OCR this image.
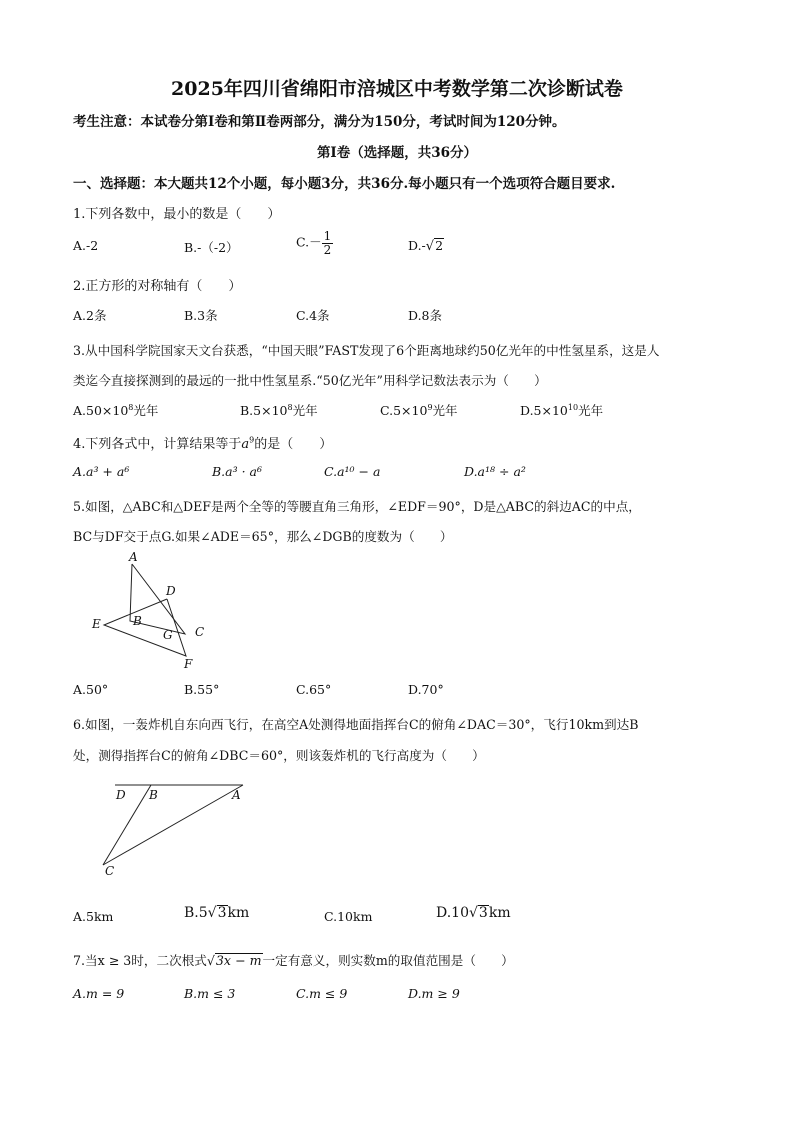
2025年四川省绵阳市涪城区中考数学第二次诊断试卷
考生注意：本试卷分第Ⅰ卷和第Ⅱ卷两部分，满分为150分，考试时间为120分钟。
第Ⅰ卷（选择题，共36分）
一、选择题：本大题共12个小题，每小题3分，共36分.每小题只有一个选项符合题目要求.
1.下列各数中，最小的数是（　　）
A.-2	B.-（-2）	$C.- \frac{1}{2}$	D.-√2
2.正方形的对称轴有（　　）
A.2条	B.3条	C.4条	D.8条
3.从中国科学院国家天文台获悉，“中国天眼”FAST发现了6个距离地球约50亿光年的中性氢星系，这是人
类迄今直接探测到的最远的一批中性氢星系.“50亿光年”用科学记数法表示为（　　）
$A.50\times 10^8$光年	$B.5\times 10^8$光年	$C.5\times 10^9$光年	$D.5\times 10^{10}$光年
4.下列各式中，计算结果等于$a^9$的是（　　）
A.a³ + a⁶	B.a³ · a⁶	C.a¹⁰ − a	D.a¹⁸ ÷ a²
5.如图，△ABC和△DEF是两个全等的等腰直角三角形，∠EDF＝90°，D是△ABC的斜边AC的中点，
BC与DF交于点G.如果∠ADE＝65°，那么∠DGB的度数为（　　）
A
D
E	B
G C
F
A.50°	B.55°	C.65°	D.70°
6.如图，一轰炸机自东向西飞行，在高空A处测得地面指挥台C的俯角∠DAC＝30°，飞行10km到达B
处，测得指挥台C的俯角∠DBC＝60°，则该轰炸机的飞行高度为（　　）
D B	A
C
A.5km	B.5√3km	C.10km	D.10√3km
7.当x ≥ 3时，二次根式√3x − m一定有意义，则实数m的取值范围是（　　）
A.m = 9	B.m ≤ 3	C.m ≤ 9	D.m ≥ 9
